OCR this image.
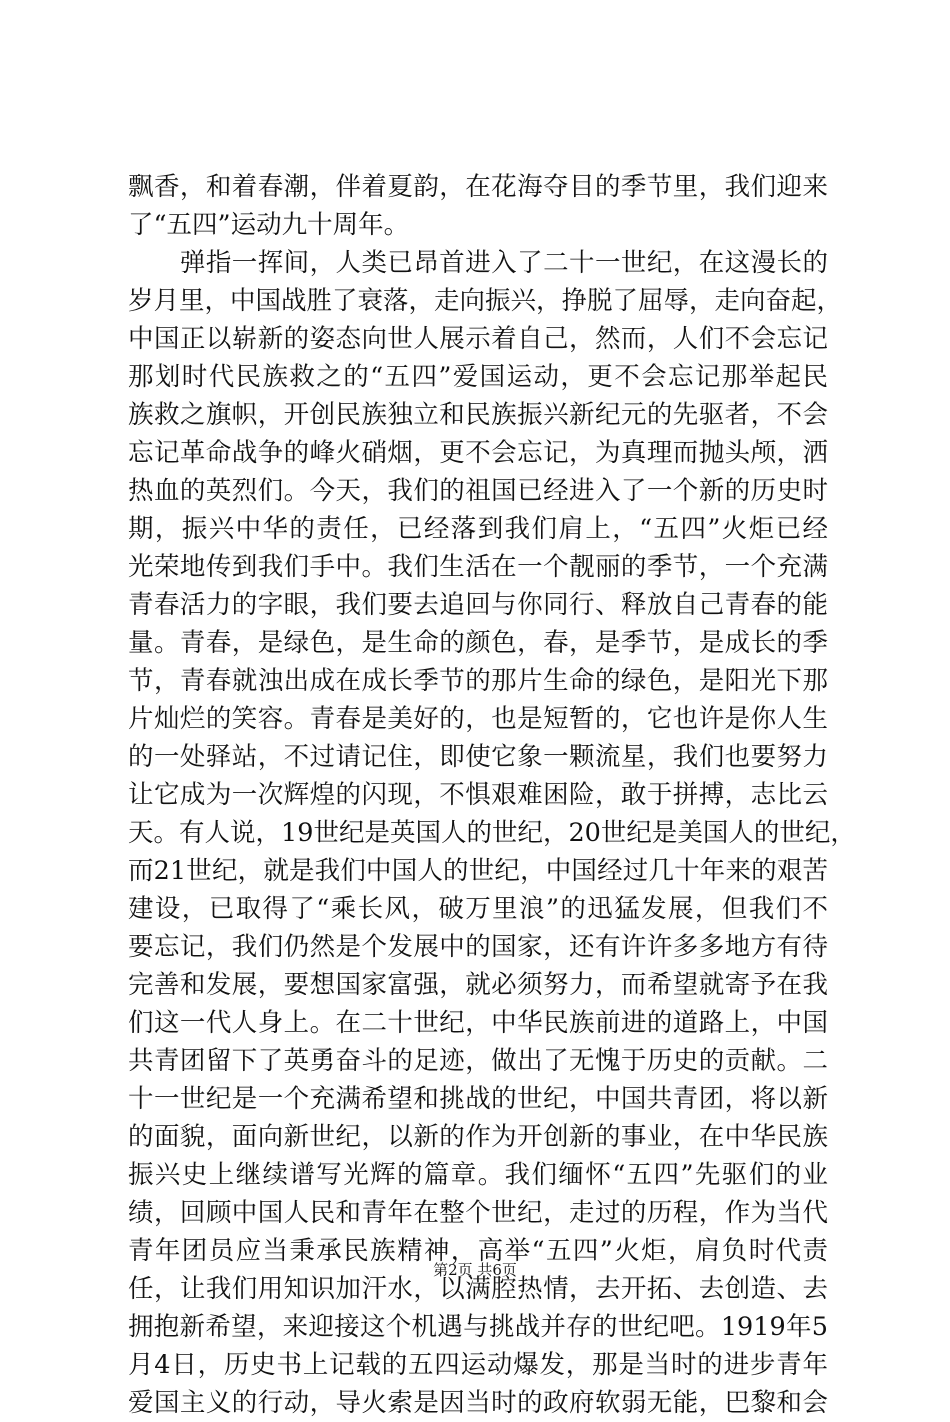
飘香，和着春潮，伴着夏韵，在花海夺目的季节里，我们迎来
了“五四”运动九十周年。
　　弹指一挥间，人类已昂首进入了二十一世纪，在这漫长的
岁月里，中国战胜了衰落，走向振兴，挣脱了屈辱，走向奋起，
中国正以崭新的姿态向世人展示着自己，然而，人们不会忘记
那划时代民族救之的“五四”爱国运动，更不会忘记那举起民
族救之旗帜，开创民族独立和民族振兴新纪元的先驱者，不会
忘记革命战争的峰火硝烟，更不会忘记，为真理而抛头颅，洒
热血的英烈们。今天，我们的祖国已经进入了一个新的历史时
期，振兴中华的责任，已经落到我们肩上，“五四”火炬已经
光荣地传到我们手中。我们生活在一个靓丽的季节，一个充满
青春活力的字眼，我们要去追回与你同行、释放自己青春的能
量。青春，是绿色，是生命的颜色，春，是季节，是成长的季
节，青春就浊出成在成长季节的那片生命的绿色，是阳光下那
片灿烂的笑容。青春是美好的，也是短暂的，它也许是你人生
的一处驿站，不过请记住，即使它象一颗流星，我们也要努力
让它成为一次辉煌的闪现，不惧艰难困险，敢于拼搏，志比云
天。有人说，19世纪是英国人的世纪，20世纪是美国人的世纪，
而21世纪，就是我们中国人的世纪，中国经过几十年来的艰苦
建设，已取得了“乘长风，破万里浪”的迅猛发展，但我们不
要忘记，我们仍然是个发展中的国家，还有许许多多地方有待
完善和发展，要想国家富强，就必须努力，而希望就寄予在我
们这一代人身上。在二十世纪，中华民族前进的道路上，中国
共青团留下了英勇奋斗的足迹，做出了无愧于历史的贡献。二
十一世纪是一个充满希望和挑战的世纪，中国共青团，将以新
的面貌，面向新世纪，以新的作为开创新的事业，在中华民族
振兴史上继续谱写光辉的篇章。我们缅怀“五四”先驱们的业
绩，回顾中国人民和青年在整个世纪，走过的历程，作为当代
青年团员应当秉承民族精神，高举“五四”火炬，肩负时代责
任，让我们用知识加汗水，以满腔热情，去开拓、去创造、去
拥抱新希望，来迎接这个机遇与挑战并存的世纪吧。1919年5
月4日，历史书上记载的五四运动爆发，那是当时的进步青年
爱国主义的行动，导火索是因当时的政府软弱无能，巴黎和会
第2页 共6页
